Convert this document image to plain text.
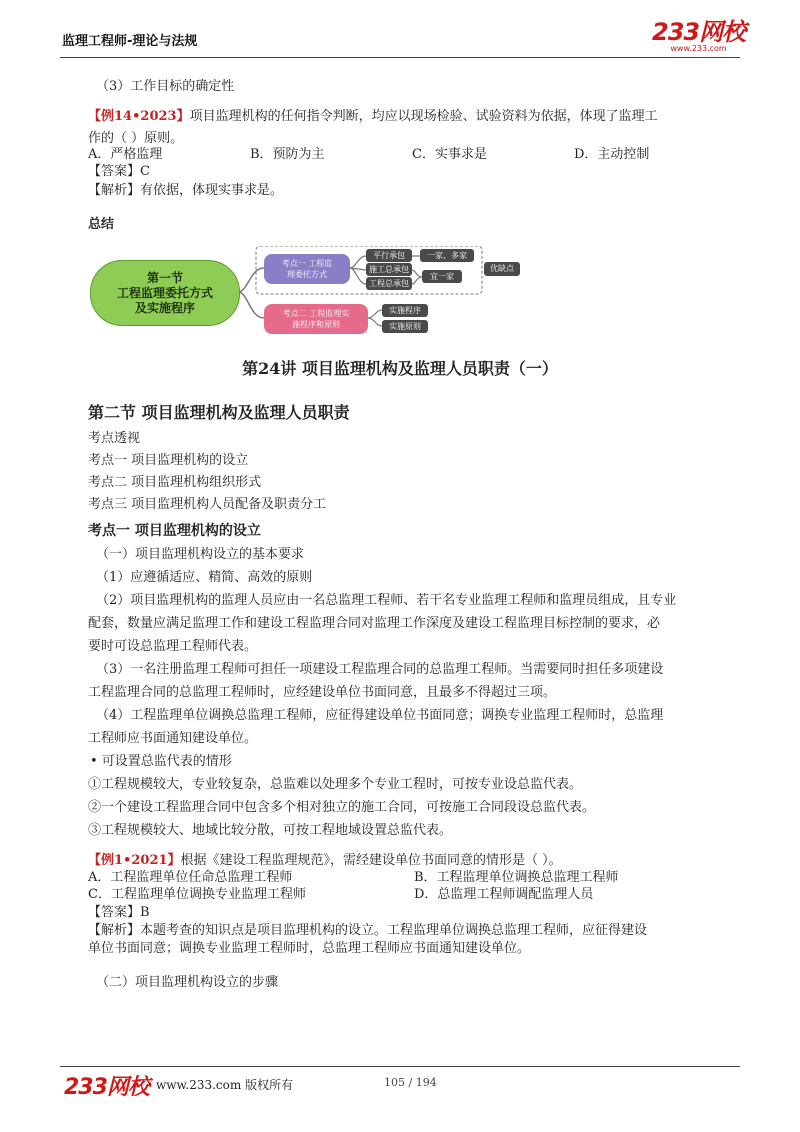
监理工程师-理论与法规	233网校
www.233.com
（3）工作目标的确定性
【例14•2023】项目监理机构的任何指令判断，均应以现场检验、试验资料为依据，体现了监理工
作的（ ）原则。
A．严格监理	B．预防为主	C．实事求是	D．主动控制
【答案】C
【解析】有依据，体现实事求是。
总结
第一节
工程监理委托方式
及实施程序
考点一 工程监
理委托方式
考点二 工程监理实
施程序和原则
平行承包
施工总承包
工程总承包
一家、多家
宜一家
优缺点
实施程序
实施原则
第24讲 项目监理机构及监理人员职责（一）
第二节 项目监理机构及监理人员职责
考点透视
考点一 项目监理机构的设立
考点二 项目监理机构组织形式
考点三 项目监理机构人员配备及职责分工
考点一 项目监理机构的设立
（一）项目监理机构设立的基本要求
（1）应遵循适应、精简、高效的原则
（2）项目监理机构的监理人员应由一名总监理工程师、若干名专业监理工程师和监理员组成，且专业
配套，数量应满足监理工作和建设工程监理合同对监理工作深度及建设工程监理目标控制的要求，必
要时可设总监理工程师代表。
（3）一名注册监理工程师可担任一项建设工程监理合同的总监理工程师。当需要同时担任多项建设
工程监理合同的总监理工程师时，应经建设单位书面同意，且最多不得超过三项。
（4）工程监理单位调换总监理工程师，应征得建设单位书面同意；调换专业监理工程师时，总监理
工程师应书面通知建设单位。
• 可设置总监代表的情形
①工程规模较大，专业较复杂，总监难以处理多个专业工程时，可按专业设总监代表。
②一个建设工程监理合同中包含多个相对独立的施工合同，可按施工合同段设总监代表。
③工程规模较大、地域比较分散，可按工程地域设置总监代表。
【例1•2021】根据《建设工程监理规范》，需经建设单位书面同意的情形是（ ）。
A．工程监理单位任命总监理工程师	B．工程监理单位调换总监理工程师
C．工程监理单位调换专业监理工程师	D．总监理工程师调配监理人员
【答案】B
【解析】本题考查的知识点是项目监理机构的设立。工程监理单位调换总监理工程师，应征得建设
单位书面同意；调换专业监理工程师时，总监理工程师应书面通知建设单位。
（二）项目监理机构设立的步骤
233网校 www.233.com 版权所有	105 / 194
